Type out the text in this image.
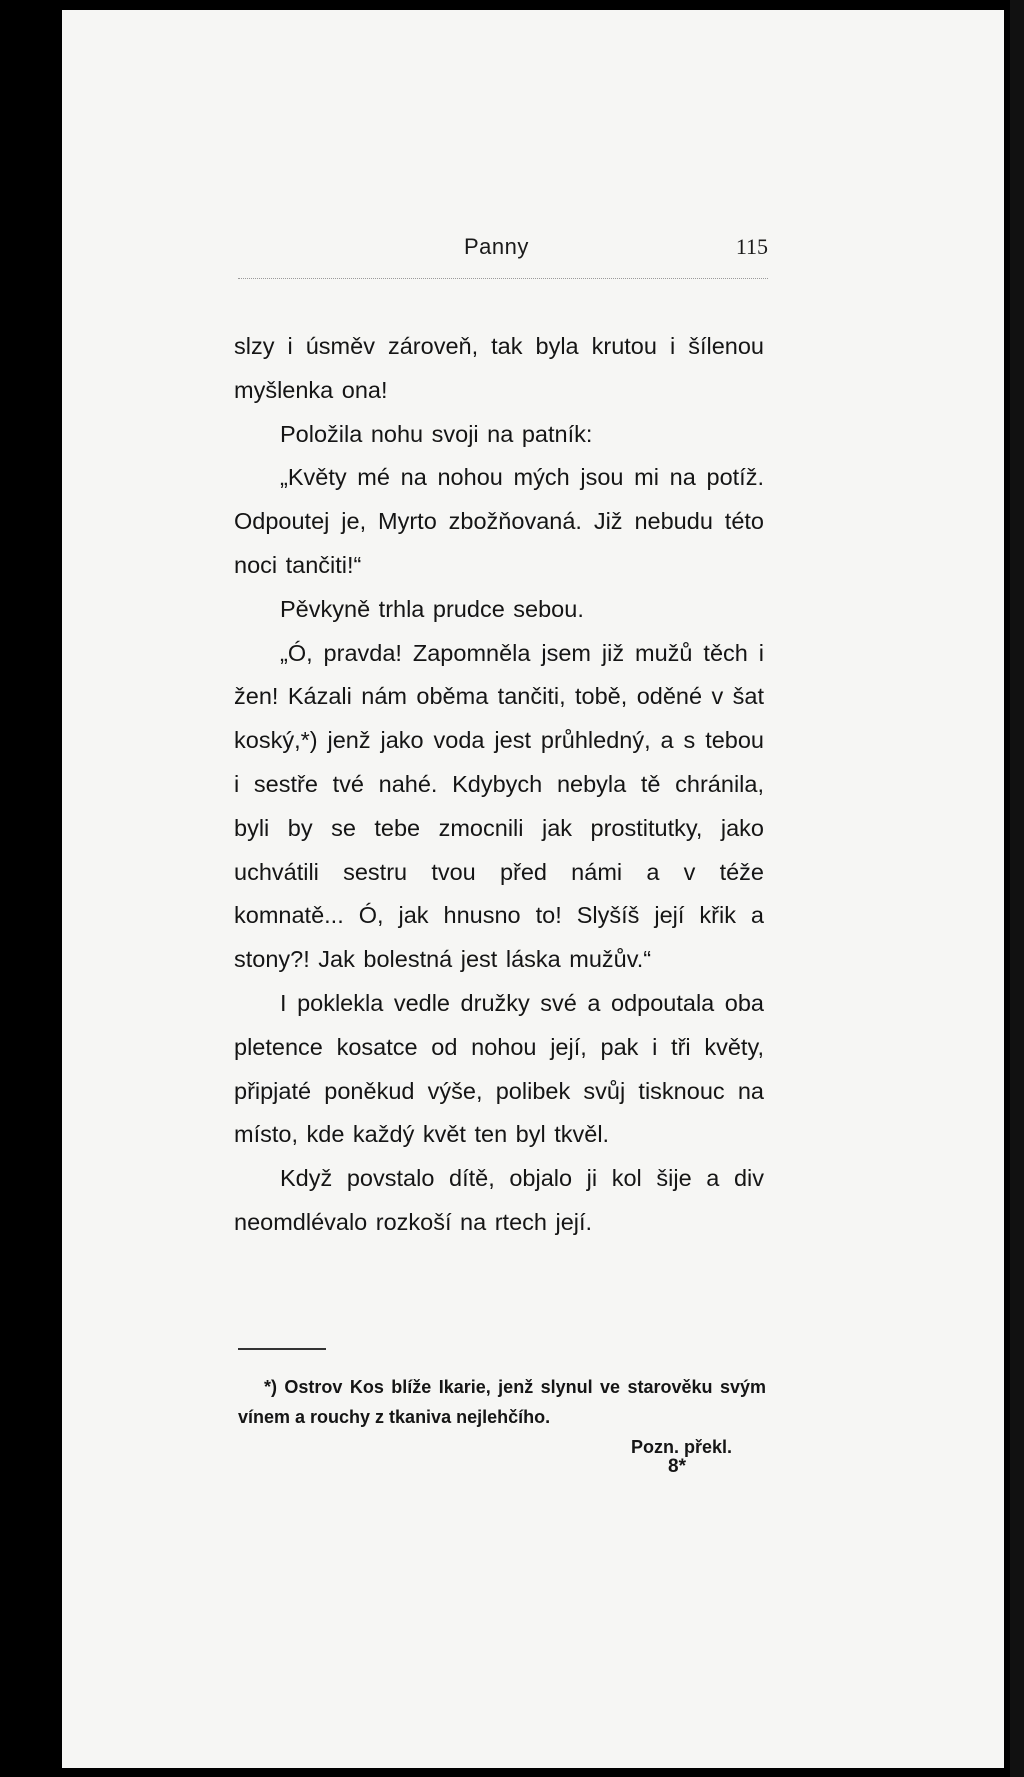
Panny	115

slzy i úsměv zároveň, tak byla krutou i šílenou myšlenka ona!

Položila nohu svoji na patník:

„Květy mé na nohou mých jsou mi na potíž. Odpoutej je, Myrto zbožňovaná. Již nebudu této noci tančiti!“

Pěvkyně trhla prudce sebou.

„Ó, pravda! Zapomněla jsem již mužů těch i žen! Kázali nám oběma tančiti, tobě, oděné v šat koský,*) jenž jako voda jest průhledný, a s tebou i sestře tvé nahé. Kdybych nebyla tě chránila, byli by se tebe zmocnili jak prostitutky, jako uchvátili sestru tvou před námi a v téže komnatě... Ó, jak hnusno to! Slyšíš její křik a stony?! Jak bolestná jest láska mužův.“

I poklekla vedle družky své a odpoutala oba pletence kosatce od nohou její, pak i tři květy, připjaté poněkud výše, polibek svůj tisknouc na místo, kde každý květ ten byl tkvěl.

Když povstalo dítě, objalo ji kol šije a div neomdlévalo rozkoší na rtech její.

*) Ostrov Kos blíže Ikarie, jenž slynul ve starověku svým vínem a rouchy z tkaniva nejlehčího.

Pozn. překl.

8*
